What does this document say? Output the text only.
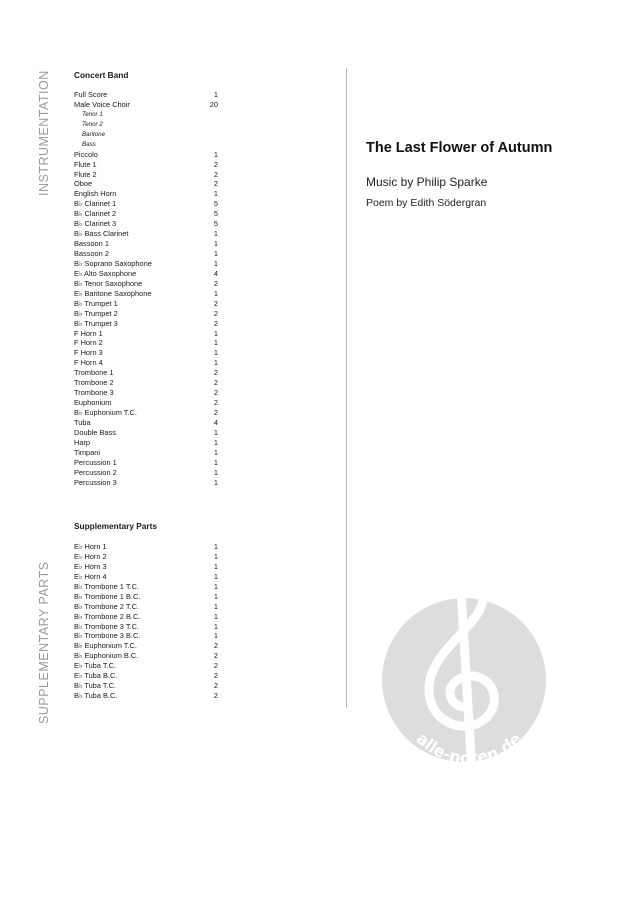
INSTRUMENTATION
SUPPLEMENTARY PARTS
Concert Band
Full Score	1
Male Voice Choir	20
Tenor 1
Tenor 2
Baritone
Bass
Piccolo	1
Flute 1	2
Flute 2	2
Oboe	2
English Horn	1
B♭ Clarinet 1	5
B♭ Clarinet 2	5
B♭ Clarinet 3	5
B♭ Bass Clarinet	1
Bassoon 1	1
Bassoon 2	1
B♭ Soprano Saxophone	1
E♭ Alto Saxophone	4
B♭ Tenor Saxophone	2
E♭ Baritone Saxophone	1
B♭ Trumpet 1	2
B♭ Trumpet 2	2
B♭ Trumpet 3	2
F Horn 1	1
F Horn 2	1
F Horn 3	1
F Horn 4	1
Trombone 1	2
Trombone 2	2
Trombone 3	2
Euphonium	2
B♭ Euphonium T.C.	2
Tuba	4
Double Bass	1
Harp	1
Timpani	1
Percussion 1	1
Percussion 2	1
Percussion 3	1
Supplementary Parts
E♭ Horn 1	1
E♭ Horn 2	1
E♭ Horn 3	1
E♭ Horn 4	1
B♭ Trombone 1 T.C.	1
B♭ Trombone 1 B.C.	1
B♭ Trombone 2 T.C.	1
B♭ Trombone 2 B.C.	1
B♭ Trombone 3 T.C.	1
B♭ Trombone 3 B.C.	1
B♭ Euphonium T.C.	2
B♭ Euphonium B.C.	2
E♭ Tuba T.C.	2
E♭ Tuba B.C.	2
B♭ Tuba T.C.	2
B♭ Tuba B.C.	2
The Last Flower of Autumn
Music by Philip Sparke
Poem by Edith Södergran
alle-noten.de
